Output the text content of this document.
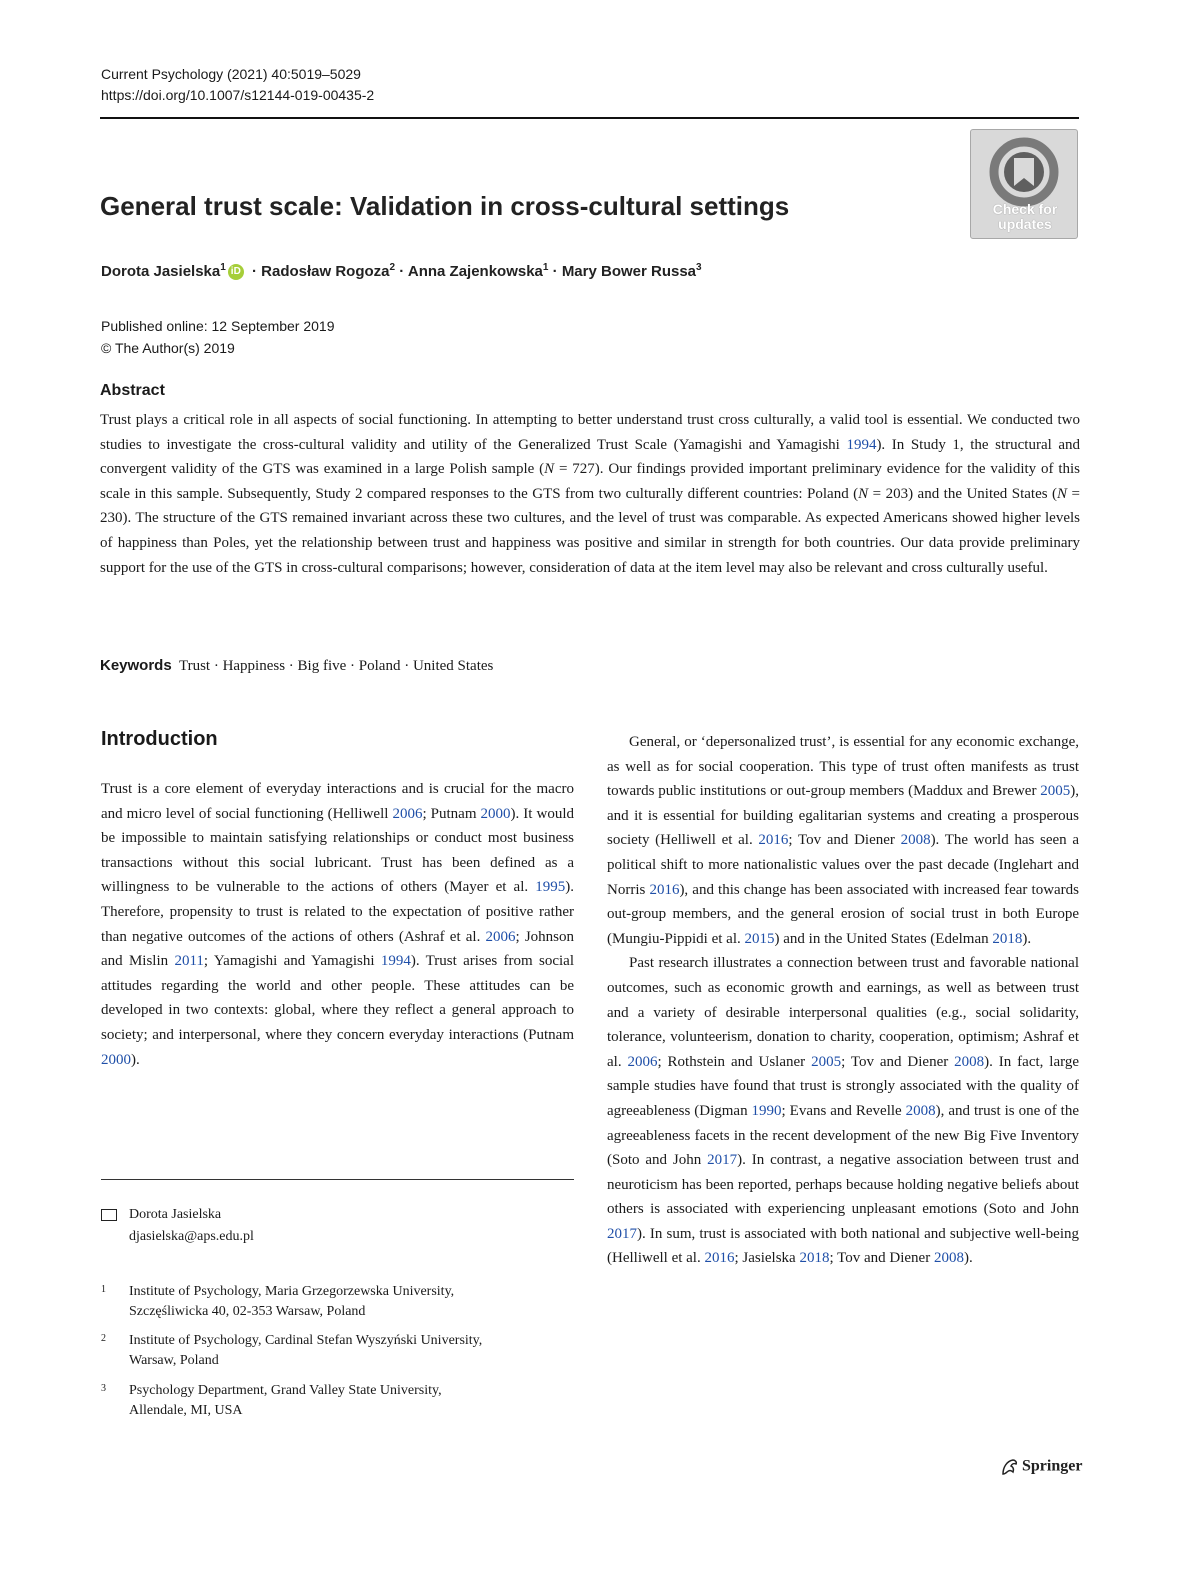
Current Psychology (2021) 40:5019–5029
https://doi.org/10.1007/s12144-019-00435-2
Check for
updates
General trust scale: Validation in cross-cultural settings
Dorota Jasielska$^1$ iD · Radosław Rogoza$^2$ · Anna Zajenkowska$^1$ · Mary Bower Russa$^3$
Published online: 12 September 2019
© The Author(s) 2019
Abstract
Trust plays a critical role in all aspects of social functioning. In attempting to better understand trust cross culturally, a valid tool is essential. We conducted two studies to investigate the cross-cultural validity and utility of the Generalized Trust Scale (Yamagishi and Yamagishi 1994). In Study 1, the structural and convergent validity of the GTS was examined in a large Polish sample (N = 727). Our findings provided important preliminary evidence for the validity of this scale in this sample. Subsequently, Study 2 compared responses to the GTS from two culturally different countries: Poland (N = 203) and the United States (N = 230). The structure of the GTS remained invariant across these two cultures, and the level of trust was comparable. As expected Americans showed higher levels of happiness than Poles, yet the relationship between trust and happiness was positive and similar in strength for both countries. Our data provide preliminary support for the use of the GTS in cross-cultural comparisons; however, consideration of data at the item level may also be relevant and cross culturally useful.
Keywords Trust · Happiness · Big five · Poland · United States
Introduction

Trust is a core element of everyday interactions and is crucial for the macro and micro level of social functioning (Helliwell 2006; Putnam 2000). It would be impossible to maintain satisfying relationships or conduct most business transactions without this social lubricant. Trust has been defined as a willingness to be vulnerable to the actions of others (Mayer et al. 1995). Therefore, propensity to trust is related to the expectation of positive rather than negative outcomes of the actions of others (Ashraf et al. 2006; Johnson and Mislin 2011; Yamagishi and Yamagishi 1994). Trust arises from social attitudes regarding the world and other people. These attitudes can be developed in two contexts: global, where they reflect a general approach to society; and interpersonal, where they concern everyday interactions (Putnam 2000).

General, or ‘depersonalized trust’, is essential for any economic exchange, as well as for social cooperation. This type of trust often manifests as trust towards public institutions or out-group members (Maddux and Brewer 2005), and it is essential for building egalitarian systems and creating a prosperous society (Helliwell et al. 2016; Tov and Diener 2008). The world has seen a political shift to more nationalistic values over the past decade (Inglehart and Norris 2016), and this change has been associated with increased fear towards out-group members, and the general erosion of social trust in both Europe (Mungiu-Pippidi et al. 2015) and in the United States (Edelman 2018).

Past research illustrates a connection between trust and favorable national outcomes, such as economic growth and earnings, as well as between trust and a variety of desirable interpersonal qualities (e.g., social solidarity, tolerance, volunteerism, donation to charity, cooperation, optimism; Ashraf et al. 2006; Rothstein and Uslaner 2005; Tov and Diener 2008). In fact, large sample studies have found that trust is strongly associated with the quality of agreeableness (Digman 1990; Evans and Revelle 2008), and trust is one of the agreeableness facets in the recent development of the new Big Five Inventory (Soto and John 2017). In contrast, a negative association between trust and neuroticism has been reported, perhaps because holding negative beliefs about others is associated with experiencing unpleasant emotions (Soto and John 2017). In sum, trust is associated with both national and subjective well-being (Helliwell et al. 2016; Jasielska 2018; Tov and Diener 2008).

Dorota Jasielska
djasielska@aps.edu.pl
1 Institute of Psychology, Maria Grzegorzewska University,
Szczęśliwicka 40, 02-353 Warsaw, Poland
2 Institute of Psychology, Cardinal Stefan Wyszyński University,
Warsaw, Poland
3 Psychology Department, Grand Valley State University,
Allendale, MI, USA
Springer
